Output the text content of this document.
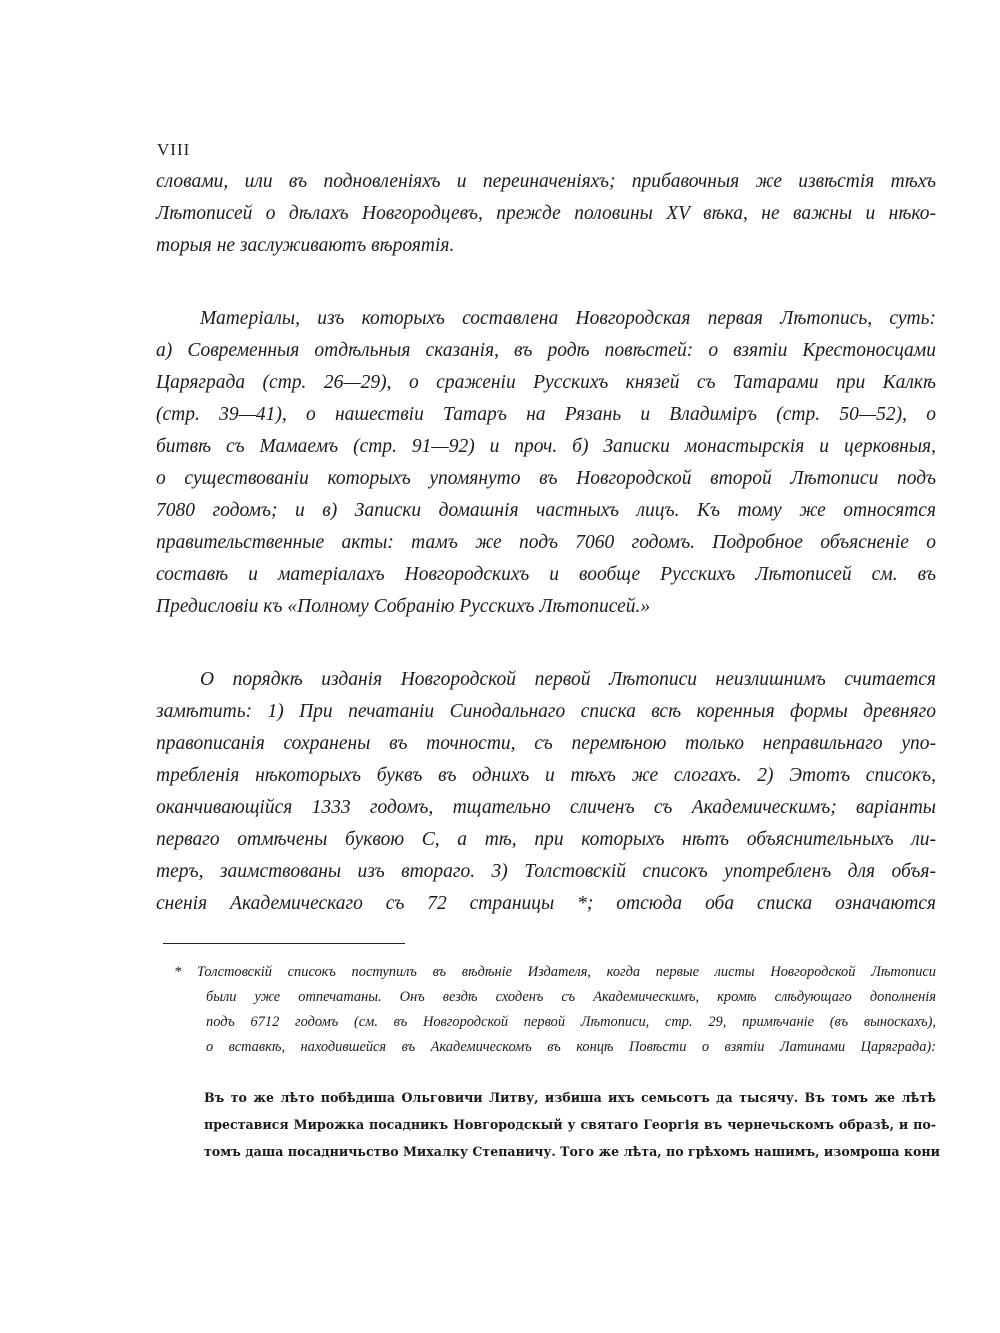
VIII
словами, или въ подновленіяхъ и переиначеніяхъ; прибавочныя же извѣстія тѣхъ
Лѣтописей о дѣлахъ Новгородцевъ, прежде половины XV вѣка, не важны и нѣко-
торыя не заслуживаютъ вѣроятія.
Матеріалы, изъ которыхъ составлена Новгородская первая Лѣтопись, суть:
а) Современныя отдѣльныя сказанія, въ родѣ повѣстей: о взятіи Крестоносцами
Царяграда (стр. 26—29), о сраженіи Русскихъ князей съ Татарами при Калкѣ
(стр. 39—41), о нашествіи Татаръ на Рязань и Владиміръ (стр. 50—52), о
битвѣ съ Мамаемъ (стр. 91—92) и проч. б) Записки монастырскія и церковныя,
о существованіи которыхъ упомянуто въ Новгородской второй Лѣтописи подъ
7080 годомъ; и в) Записки домашнія частныхъ лицъ. Къ тому же относятся
правительственные акты: тамъ же подъ 7060 годомъ. Подробное объясненіе о
составѣ и матеріалахъ Новгородскихъ и вообще Русскихъ Лѣтописей см. въ
Предисловіи къ «Полному Собранію Русскихъ Лѣтописей.»
О порядкѣ изданія Новгородской первой Лѣтописи неизлишнимъ считается
замѣтить: 1) При печатаніи Синодальнаго списка всѣ коренныя формы древняго
правописанія сохранены въ точности, съ перемѣною только неправильнаго упо-
требленія нѣкоторыхъ буквъ въ однихъ и тѣхъ же слогахъ. 2) Этотъ списокъ,
оканчивающійся 1333 годомъ, тщательно сличенъ съ Академическимъ; варіанты
перваго отмѣчены буквою С, а тѣ, при которыхъ нѣтъ объяснительныхъ ли-
теръ, заимствованы изъ втораго. 3) Толстовскій списокъ употребленъ для объя-
сненія Академическаго съ 72 страницы *; отсюда оба списка означаются
* Толстовскій списокъ поступилъ въ вѣдѣніе Издателя, когда первые листы Новгородской Лѣтописи
были уже отпечатаны. Онъ вездѣ сходенъ съ Академическимъ, кромѣ слѣдующаго дополненія
подъ 6712 годомъ (см. въ Новгородской первой Лѣтописи, стр. 29, примѣчаніе (въ выноскахъ),
о вставкѣ, находившейся въ Академическомъ въ концѣ Повѣсти о взятіи Латинами Царяграда):
Въ то же лѣто побѣдиша Ольговичи Литву, избиша ихъ семьсотъ да тысячу. Въ томъ же лѣтѣ
преставися Мирожка посадникъ Новгородскый у святаго Георгія въ чернечьскомъ образѣ, и по-
томъ даша посадничьство Михалку Степаничу. Того же лѣта, по грѣхомъ нашимъ, изомроша кони
